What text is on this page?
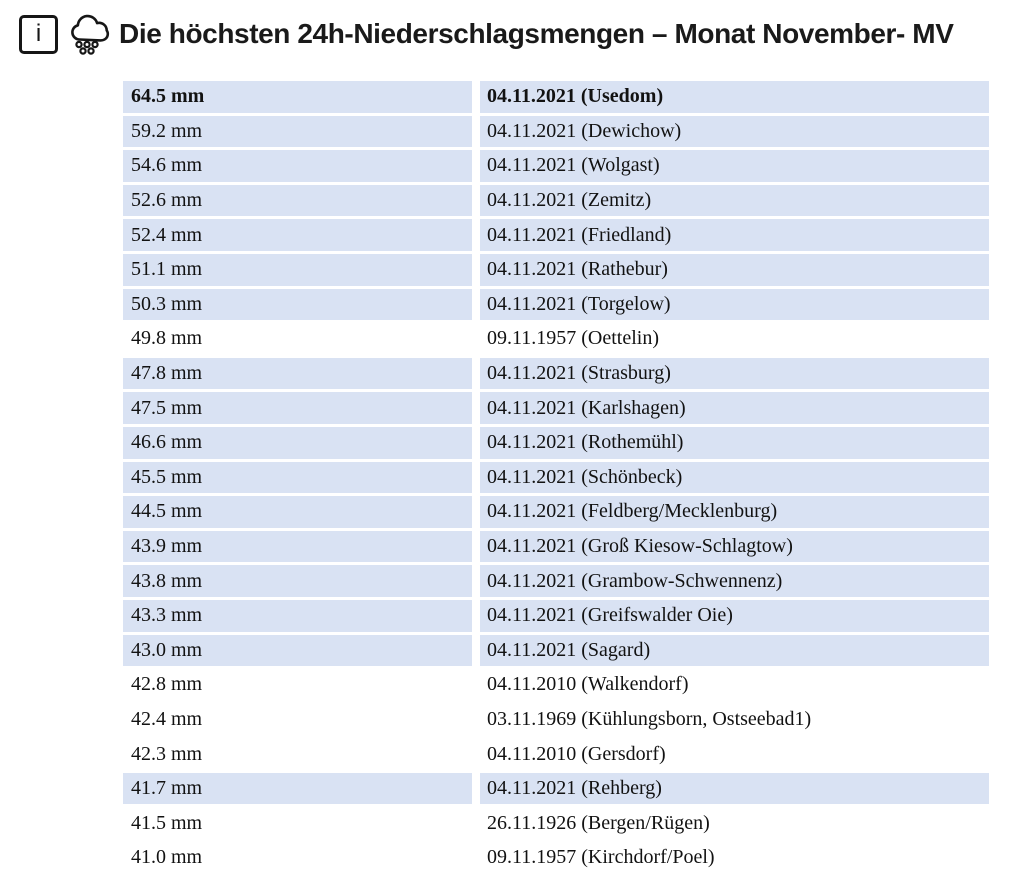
i	Die höchsten 24h-Niederschlagsmengen – Monat November- MV
64.5 mm	04.11.2021 (Usedom)
59.2 mm	04.11.2021 (Dewichow)
54.6 mm	04.11.2021 (Wolgast)
52.6 mm	04.11.2021 (Zemitz)
52.4 mm	04.11.2021 (Friedland)
51.1 mm	04.11.2021 (Rathebur)
50.3 mm	04.11.2021 (Torgelow)
49.8 mm	09.11.1957 (Oettelin)
47.8 mm	04.11.2021 (Strasburg)
47.5 mm	04.11.2021 (Karlshagen)
46.6 mm	04.11.2021 (Rothemühl)
45.5 mm	04.11.2021 (Schönbeck)
44.5 mm	04.11.2021 (Feldberg/Mecklenburg)
43.9 mm	04.11.2021 (Groß Kiesow-Schlagtow)
43.8 mm	04.11.2021 (Grambow-Schwennenz)
43.3 mm	04.11.2021 (Greifswalder Oie)
43.0 mm	04.11.2021 (Sagard)
42.8 mm	04.11.2010 (Walkendorf)
42.4 mm	03.11.1969 (Kühlungsborn, Ostseebad1)
42.3 mm	04.11.2010 (Gersdorf)
41.7 mm	04.11.2021 (Rehberg)
41.5 mm	26.11.1926 (Bergen/Rügen)
41.0 mm	09.11.1957 (Kirchdorf/Poel)
